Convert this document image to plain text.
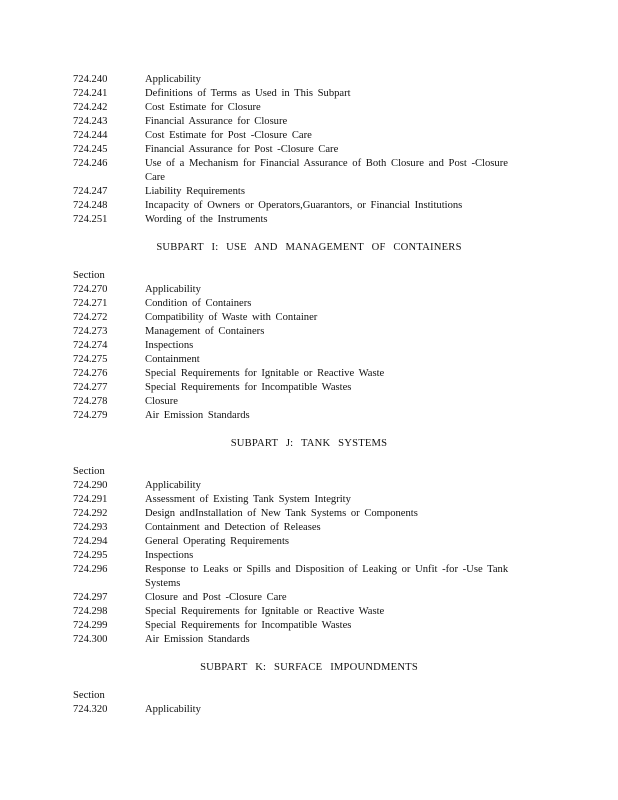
724.240	Applicability
724.241	Definitions of Terms as Used in This Subpart
724.242	Cost Estimate for Closure
724.243	Financial Assurance for Closure
724.244	Cost Estimate for Post -Closure Care
724.245	Financial Assurance for Post -Closure Care
724.246	Use of a Mechanism for Financial Assurance of Both Closure and Post -Closure Care
724.247	Liability Requirements
724.248	Incapacity of Owners or Operators,Guarantors, or Financial Institutions
724.251	Wording of the Instruments
SUBPART I: USE AND MANAGEMENT OF CONTAINERS
Section
724.270	Applicability
724.271	Condition of Containers
724.272	Compatibility of Waste with Container
724.273	Management of Containers
724.274	Inspections
724.275	Containment
724.276	Special Requirements for Ignitable or Reactive Waste
724.277	Special Requirements for Incompatible Wastes
724.278	Closure
724.279	Air Emission Standards
SUBPART J: TANK SYSTEMS
Section
724.290	Applicability
724.291	Assessment of Existing Tank System Integrity
724.292	Design andInstallation of New Tank Systems or Components
724.293	Containment and Detection of Releases
724.294	General Operating Requirements
724.295	Inspections
724.296	Response to Leaks or Spills and Disposition of Leaking or Unfit -for -Use Tank Systems
724.297	Closure and Post -Closure Care
724.298	Special Requirements for Ignitable or Reactive Waste
724.299	Special Requirements for Incompatible Wastes
724.300	Air Emission Standards
SUBPART K: SURFACE IMPOUNDMENTS
Section
724.320	Applicability
